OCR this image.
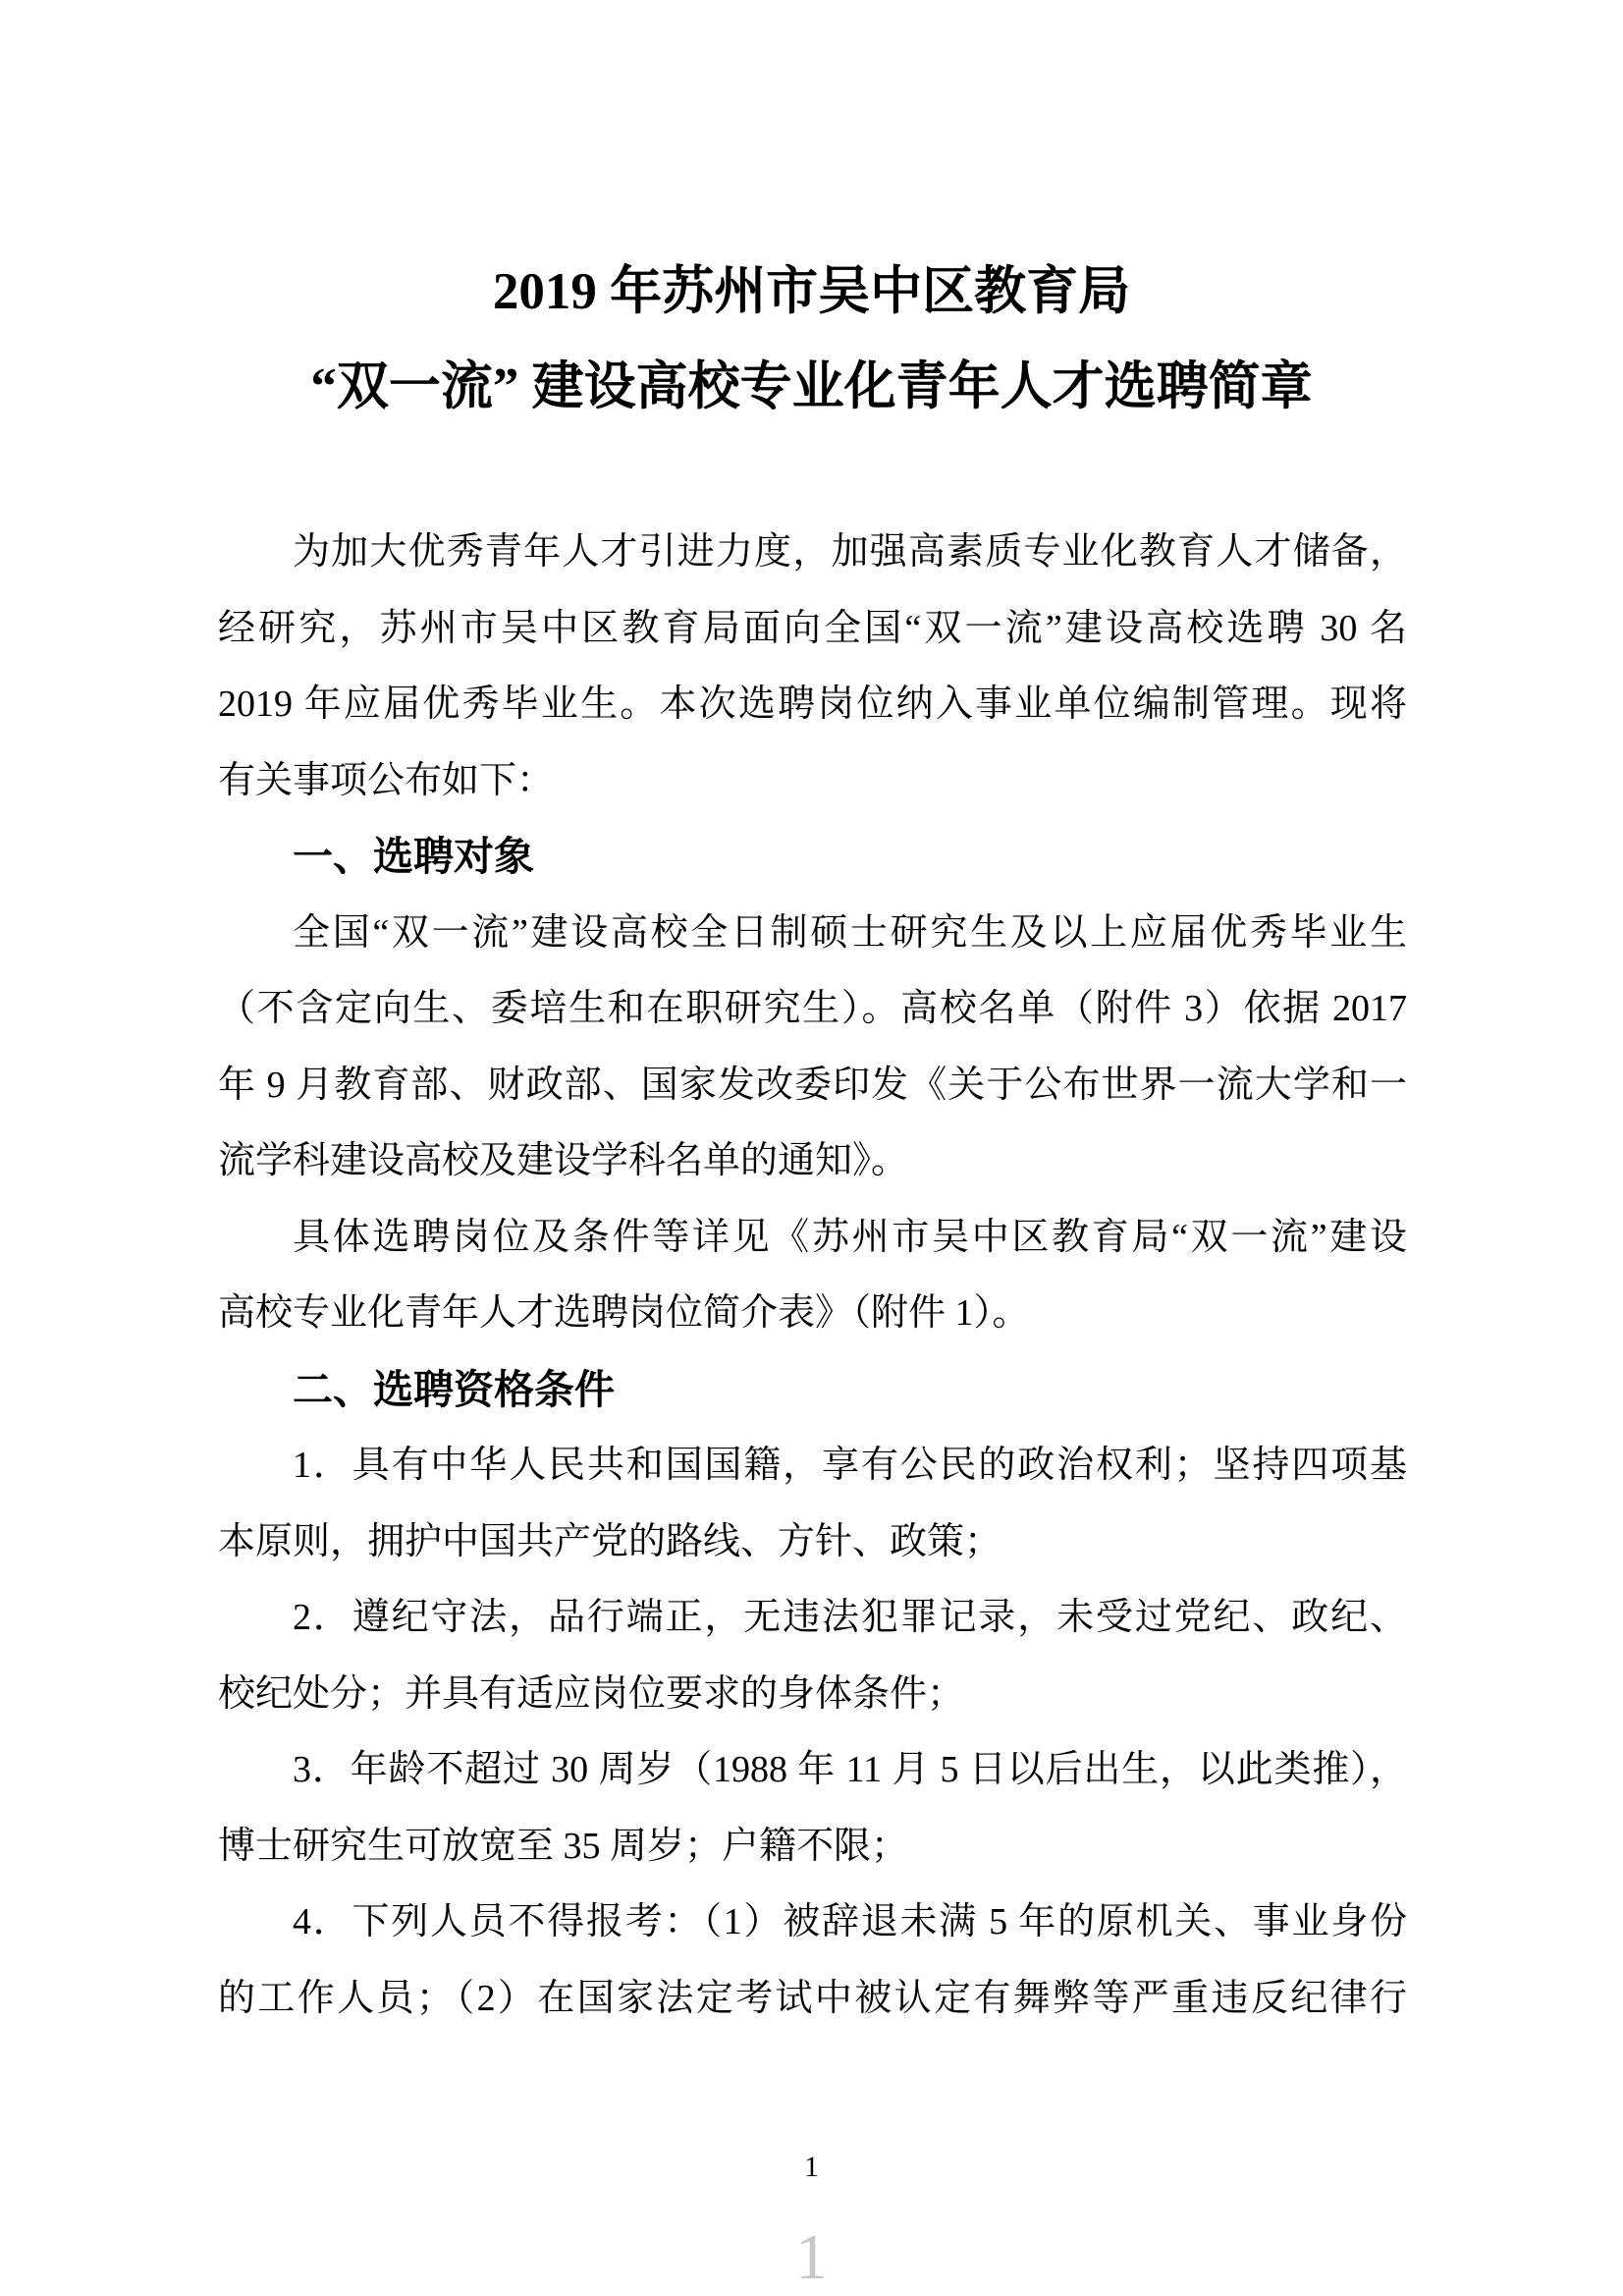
2019 年苏州市吴中区教育局
“双一流” 建设高校专业化青年人才选聘简章
为加大优秀青年人才引进力度，加强高素质专业化教育人才储备，
经研究，苏州市吴中区教育局面向全国“双一流”建设高校选聘 30 名
2019 年应届优秀毕业生。本次选聘岗位纳入事业单位编制管理。现将
有关事项公布如下：
一、选聘对象
全国“双一流”建设高校全日制硕士研究生及以上应届优秀毕业生
（不含定向生、委培生和在职研究生）。高校名单（附件 3）依据 2017
年 9 月教育部、财政部、国家发改委印发《关于公布世界一流大学和一
流学科建设高校及建设学科名单的通知》。
具体选聘岗位及条件等详见《苏州市吴中区教育局“双一流”建设
高校专业化青年人才选聘岗位简介表》（附件 1）。
二、选聘资格条件
1．具有中华人民共和国国籍，享有公民的政治权利；坚持四项基
本原则，拥护中国共产党的路线、方针、政策；
2．遵纪守法，品行端正，无违法犯罪记录，未受过党纪、政纪、
校纪处分；并具有适应岗位要求的身体条件；
3．年龄不超过 30 周岁（1988 年 11 月 5 日以后出生，以此类推），
博士研究生可放宽至 35 周岁；户籍不限；
4．下列人员不得报考：（1）被辞退未满 5 年的原机关、事业身份
的工作人员；（2）在国家法定考试中被认定有舞弊等严重违反纪律行
1
1
